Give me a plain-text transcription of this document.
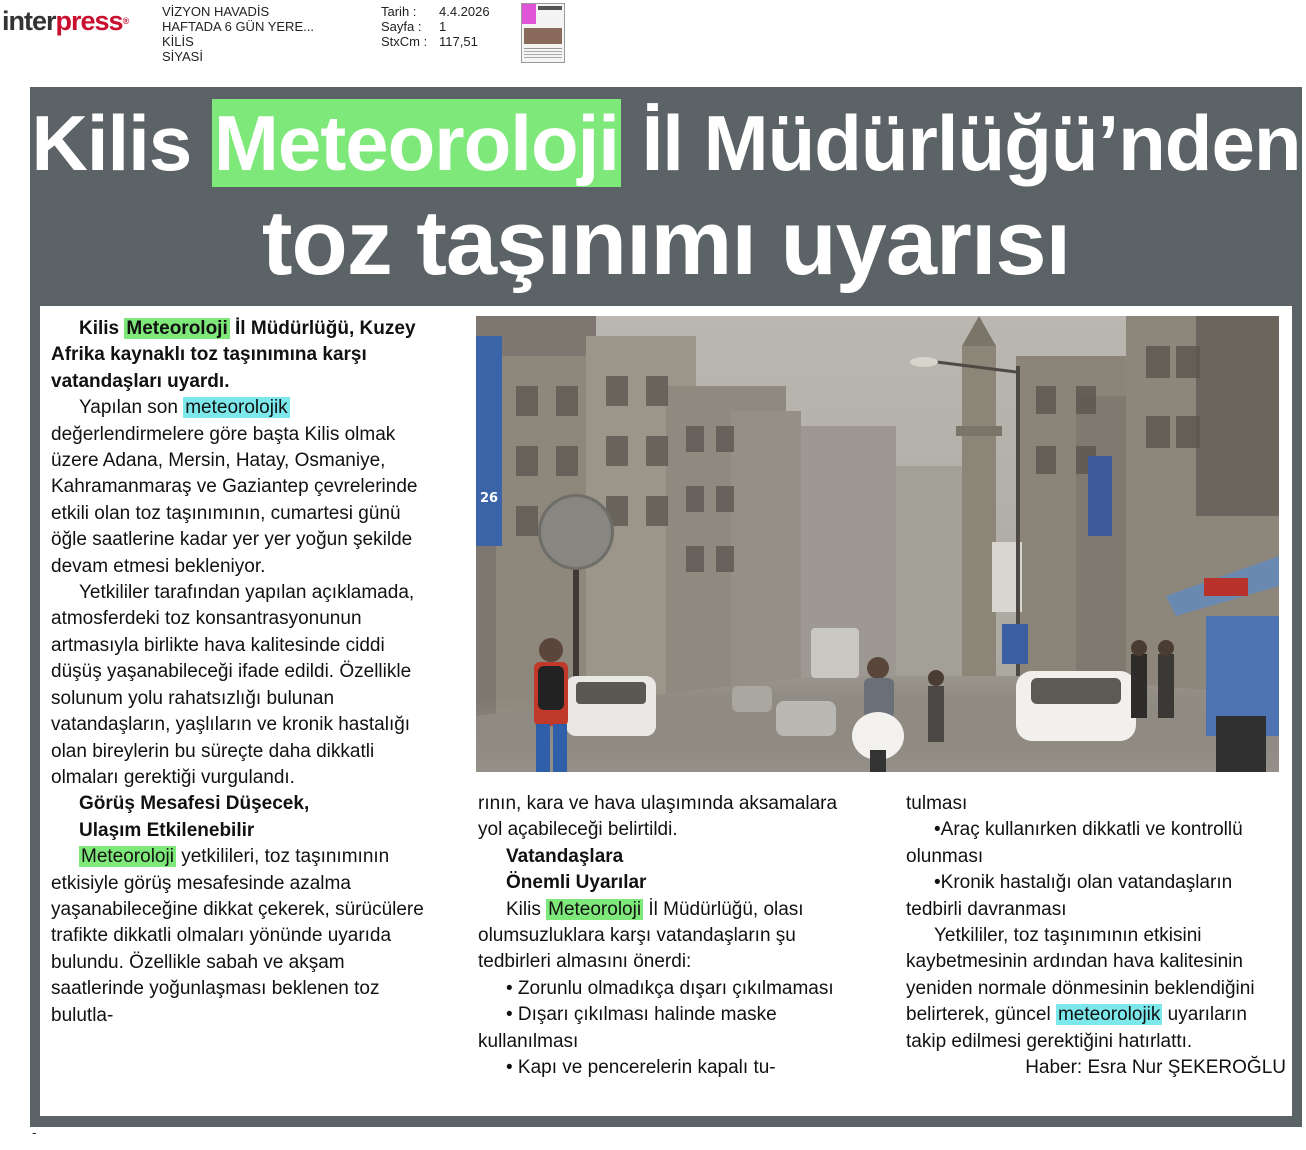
interpress®
VİZYON HAVADİS
HAFTADA 6 GÜN YERE...
KİLİS
SİYASİ
Tarih :	4.4.2026
Sayfa :	1
StxCm : 117,51
Kilis Meteoroloji İl Müdürlüğü’nden
toz taşınımı uyarısı
26

Kilis Meteoroloji İl Müdürlüğü, Kuzey Afrika kaynaklı toz taşınımına karşı vatandaşları uyardı.

Yapılan son meteorolojik değerlendirmelere göre başta Kilis olmak üzere Adana, Mersin, Hatay, Osmaniye, Kahramanmaraş ve Gaziantep çevrelerinde etkili olan toz taşınımının, cumartesi günü öğle saatlerine kadar yer yer yoğun şekilde devam etmesi bekleniyor.

Yetkililer tarafından yapılan açıklamada, atmosferdeki toz konsantrasyonunun artmasıyla birlikte hava kalitesinde ciddi düşüş yaşanabileceği ifade edildi. Özellikle solunum yolu rahatsızlığı bulunan vatandaşların, yaşlıların ve kronik hastalığı olan bireylerin bu süreçte daha dikkatli olmaları gerektiği vurgulandı.

Görüş Mesafesi Düşecek,

Ulaşım Etkilenebilir

Meteoroloji yetkilileri, toz taşınımının etkisiyle görüş mesafesinde azalma yaşanabileceğine dikkat çekerek, sürücülere trafikte dikkatli olmaları yönünde uyarıda bulundu. Özellikle sabah ve akşam saatlerinde yoğunlaşması beklenen toz bulutla-

rının, kara ve hava ulaşımında aksamalara yol açabileceği belirtildi.

Vatandaşlara

Önemli Uyarılar

Kilis Meteoroloji İl Müdürlüğü, olası olumsuzluklara karşı vatandaşların şu tedbirleri almasını önerdi:

• Zorunlu olmadıkça dışarı çıkılmaması

• Dışarı çıkılması halinde maske kullanılması

• Kapı ve pencerelerin kapalı tu-

tulması

•Araç kullanırken dikkatli ve kontrollü olunması

•Kronik hastalığı olan vatandaşların tedbirli davranması

Yetkililer, toz taşınımının etkisini kaybetmesinin ardından hava kalitesinin yeniden normale dönmesinin beklendiğini belirterek, güncel meteorolojik uyarıların takip edilmesi gerektiğini hatırlattı.

Haber: Esra Nur ŞEKEROĞLU

-
